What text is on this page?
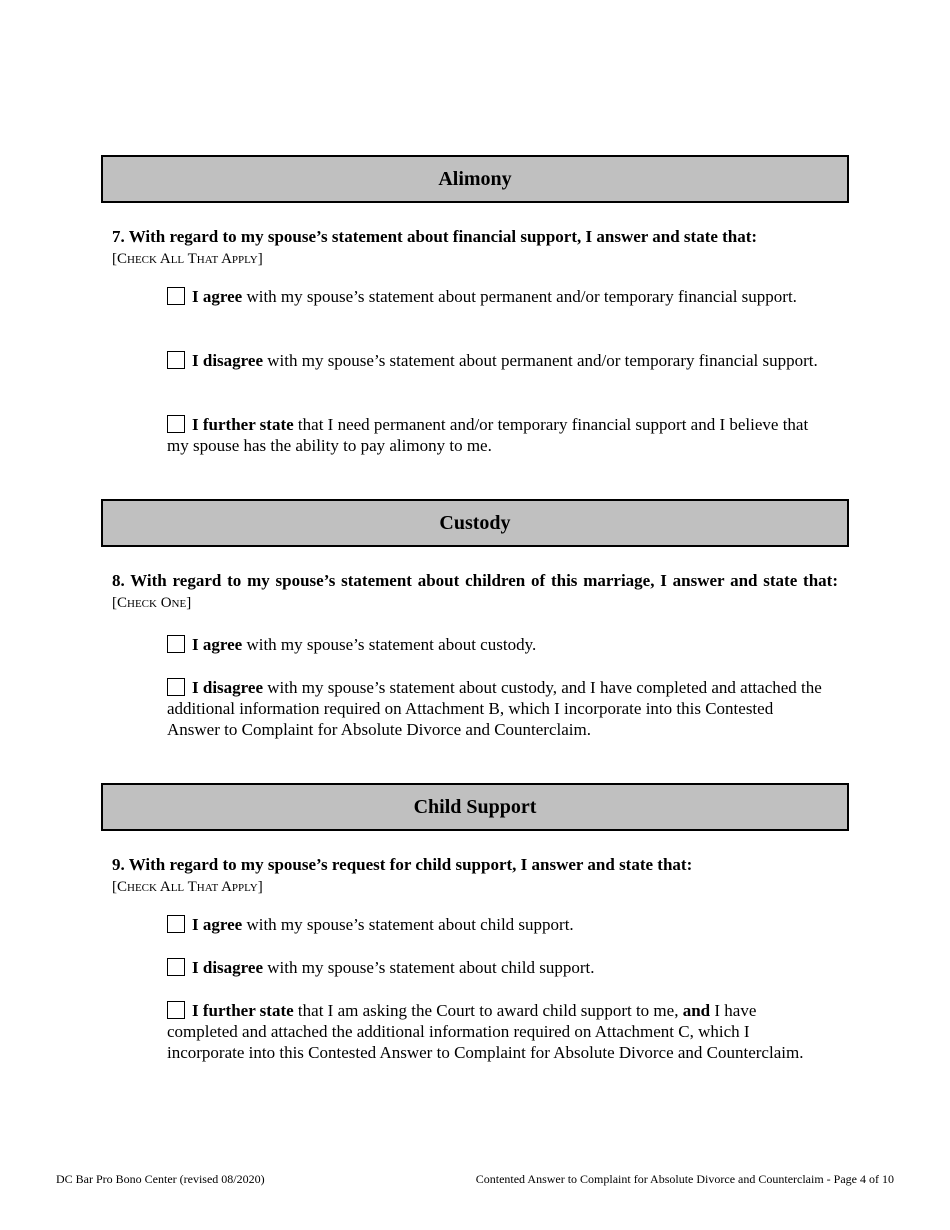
Alimony
7. With regard to my spouse’s statement about financial support, I answer and state that:
[Check All That Apply]
I agree with my spouse’s statement about permanent and/or temporary financial support.
I disagree with my spouse’s statement about permanent and/or temporary financial support.
I further state that I need permanent and/or temporary financial support and I believe that my spouse has the ability to pay alimony to me.
Custody
8. With regard to my spouse’s statement about children of this marriage, I answer and state that: [Check One]
I agree with my spouse’s statement about custody.
I disagree with my spouse’s statement about custody, and I have completed and attached the additional information required on Attachment B, which I incorporate into this Contested Answer to Complaint for Absolute Divorce and Counterclaim.
Child Support
9. With regard to my spouse’s request for child support, I answer and state that:
[Check All That Apply]
I agree with my spouse’s statement about child support.
I disagree with my spouse’s statement about child support.
I further state that I am asking the Court to award child support to me, and I have completed and attached the additional information required on Attachment C, which I incorporate into this Contested Answer to Complaint for Absolute Divorce and Counterclaim.
DC Bar Pro Bono Center (revised 08/2020)	Contented Answer to Complaint for Absolute Divorce and Counterclaim - Page 4 of 10
